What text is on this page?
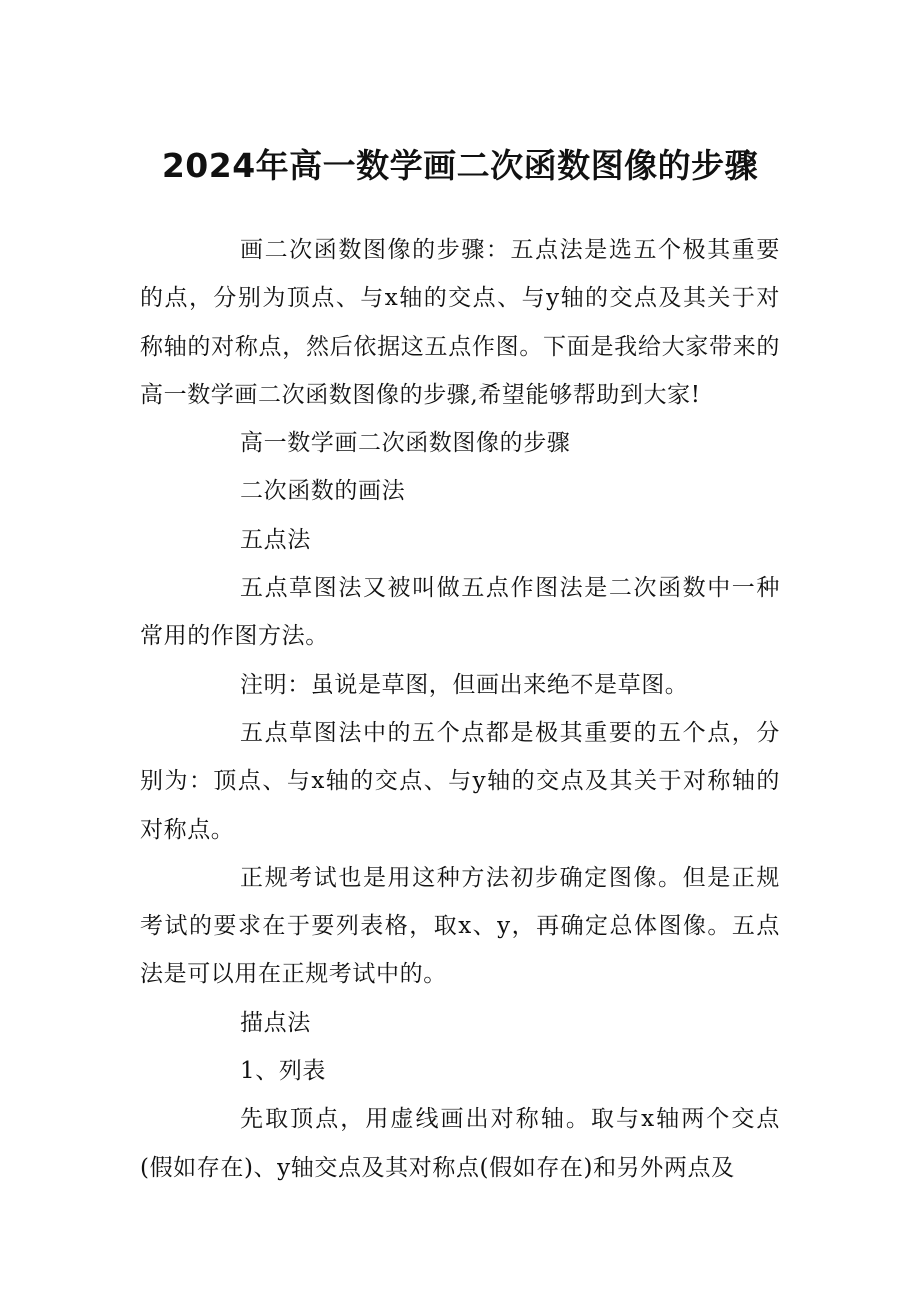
2024年高一数学画二次函数图像的步骤

画二次函数图像的步骤：五点法是选五个极其重要的点，分别为顶点、与x轴的交点、与y轴的交点及其关于对称轴的对称点，然后依据这五点作图。下面是我给大家带来的高一数学画二次函数图像的步骤,希望能够帮助到大家!

高一数学画二次函数图像的步骤

二次函数的画法

五点法

五点草图法又被叫做五点作图法是二次函数中一种常用的作图方法。

注明：虽说是草图，但画出来绝不是草图。

五点草图法中的五个点都是极其重要的五个点，分别为：顶点、与x轴的交点、与y轴的交点及其关于对称轴的对称点。

正规考试也是用这种方法初步确定图像。但是正规考试的要求在于要列表格，取x、y，再确定总体图像。五点法是可以用在正规考试中的。

描点法

1、列表

先取顶点，用虚线画出对称轴。取与x轴两个交点(假如存在)、y轴交点及其对称点(假如存在)和另外两点及
